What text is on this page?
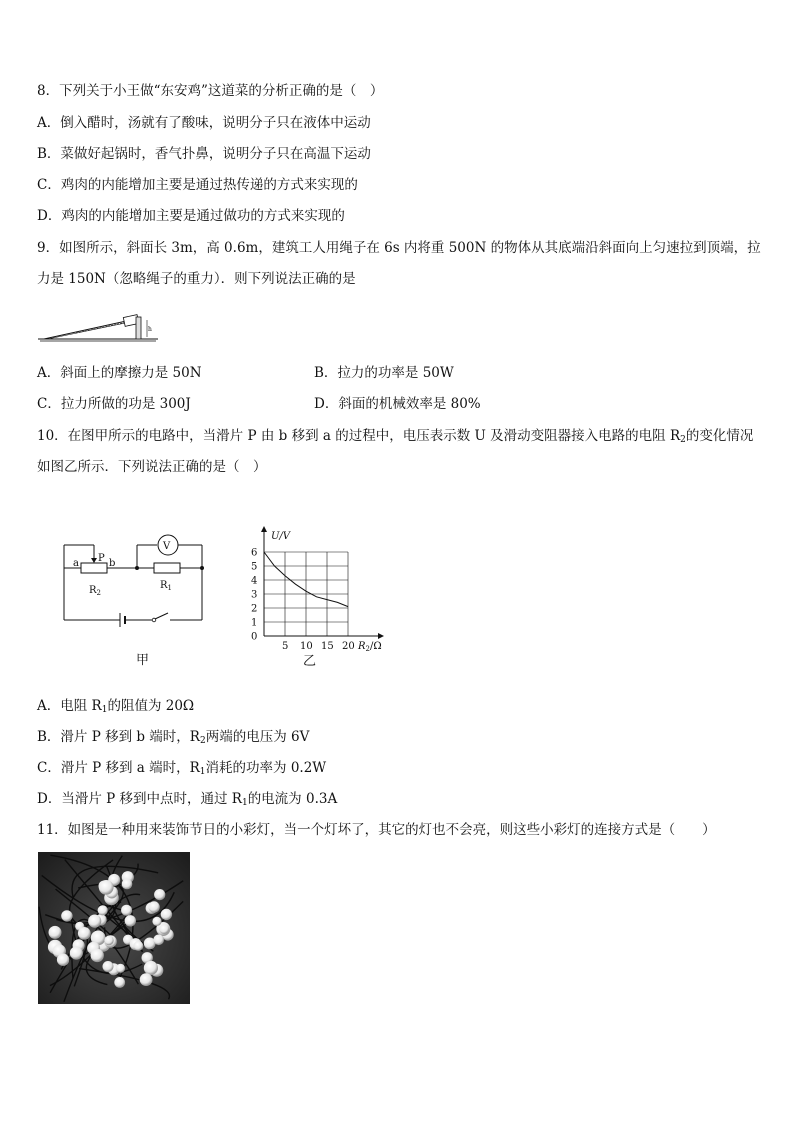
8．下列关于小王做“东安鸡”这道菜的分析正确的是（　）
A．倒入醋时，汤就有了酸味，说明分子只在液体中运动
B．菜做好起锅时，香气扑鼻，说明分子只在高温下运动
C．鸡肉的内能增加主要是通过热传递的方式来实现的
D．鸡肉的内能增加主要是通过做功的方式来实现的
9．如图所示，斜面长 3m，高 0.6m，建筑工人用绳子在 6s 内将重 500N 的物体从其底端沿斜面向上匀速拉到顶端，拉
力是 150N（忽略绳子的重力）．则下列说法正确的是
h
A．斜面上的摩擦力是 50N	B．拉力的功率是 50W
C．拉力所做的功是 300J	D．斜面的机械效率是 80%
10．在图甲所示的电路中，当滑片 P 由 b 移到 a 的过程中，电压表示数 U 及滑动变阻器接入电路的电阻 $R_2$的变化情况
如图乙所示．下列说法正确的是（　）
a P b
$R_2$
V
$R_1$
甲
U/V
0
1
2
3
4
5
6
5 10 15 20 $R_2/\Omega$
乙
A．电阻 $R_1$的阻值为 20Ω
B．滑片 P 移到 b 端时，$R_2$两端的电压为 6V
C．滑片 P 移到 a 端时，$R_1$消耗的功率为 0.2W
D．当滑片 P 移到中点时，通过 $R_1$的电流为 0.3A
11．如图是一种用来装饰节日的小彩灯，当一个灯坏了，其它的灯也不会亮，则这些小彩灯的连接方式是（　　）
